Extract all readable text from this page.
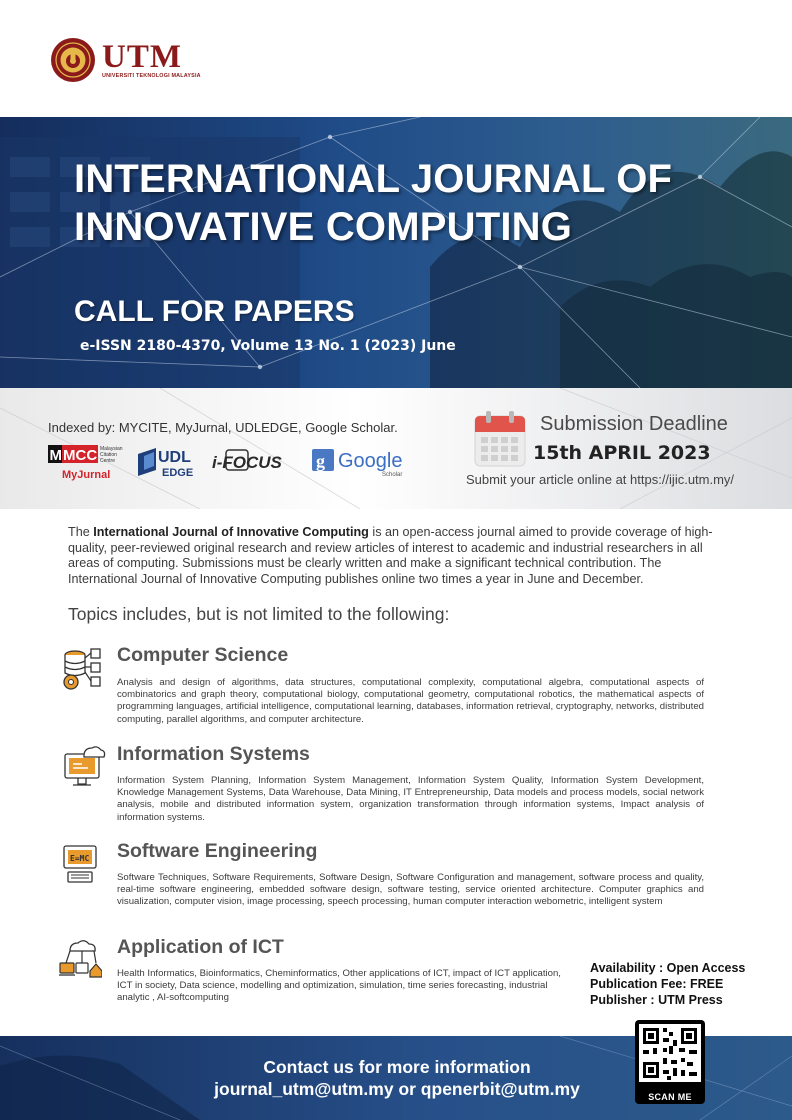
UTM
UNIVERSITI TEKNOLOGI MALAYSIA
INTERNATIONAL JOURNAL OF INNOVATIVE COMPUTING
CALL FOR PAPERS
e-ISSN 2180-4370, Volume 13 No. 1 (2023) June
Indexed by: MYCITE, MyJurnal, UDLEDGE, Google Scholar.
M MCC Malaysian
Citation
Centre
MyJurnal
UDL
EDGE
i-FOCUS g Google
Scholar
Submission Deadline
15th APRIL 2023
Submit your article online at https://ijic.utm.my/
The International Journal of Innovative Computing is an open-access journal aimed to provide coverage of high-quality, peer-reviewed original research and review articles of interest to academic and industrial researchers in all areas of computing. Submissions must be clearly written and make a significant technical contribution. The International Journal of Innovative Computing publishes online two times a year in June and December.
Topics includes, but is not limited to the following:
Computer Science
Analysis and design of algorithms, data structures, computational complexity, computational algebra, computational aspects of combinatorics and graph theory, computational biology, computational geometry, computational robotics, the mathematical aspects of programming languages, artificial intelligence, computational learning, databases, information retrieval, cryptography, networks, distributed computing, parallel algorithms, and computer architecture.
Information Systems
Information System Planning, Information System Management, Information System Quality, Information System Development, Knowledge Management Systems, Data Warehouse, Data Mining, IT Entrepreneurship, Data models and process models, social network analysis, mobile and distributed information system, organization transformation through information systems, Impact analysis of information systems.
E=MC Software Engineering
Software Techniques, Software Requirements, Software Design, Software Configuration and management, software process and quality, real-time software engineering, embedded software design, software testing, service oriented architecture. Computer graphics and visualization, computer vision, image processing, speech processing, human computer interaction webometric, intelligent system
Application of ICT
Health Informatics, Bioinformatics, Cheminformatics, Other applications of ICT, impact of ICT application, ICT in society, Data science, modelling and optimization, simulation, time series forecasting, industrial analytic , AI-softcomputing
Availability : Open Access
Publication Fee: FREE
Publisher : UTM Press
Contact us for more information
journal_utm@utm.my or qpenerbit@utm.my	SCAN ME
